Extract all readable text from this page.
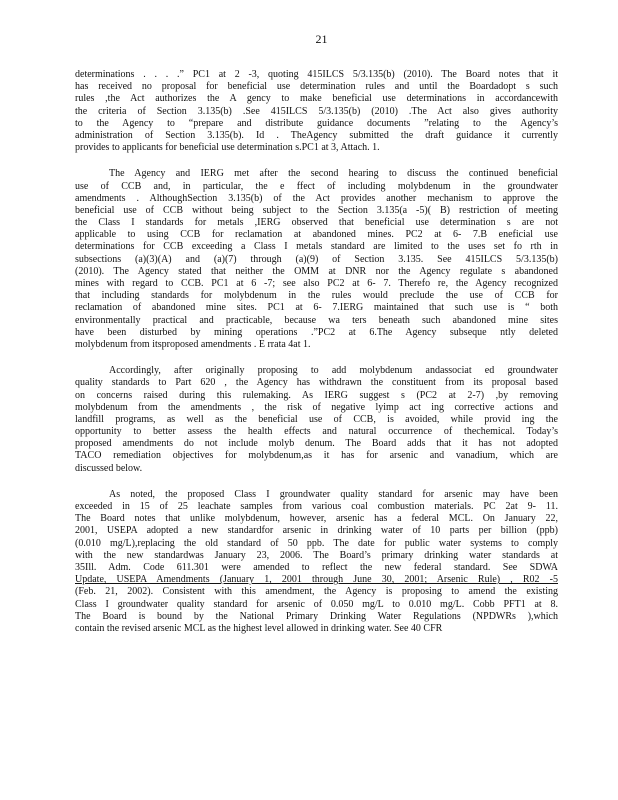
21
determinations . . . .” PC1 at 2 -3, quoting 415ILCS 5/3.135(b) (2010). The Board notes that it
has received no proposal for beneficial use determination rules and until the Boardadopt s such
rules ,the Act authorizes the A gency to make beneficial use determinations in accordancewith
the criteria of Section 3.135(b) .See 415ILCS 5/3.135(b) (2010) .The Act also gives authority
to the Agency to “prepare and distribute guidance documents ”relating to the Agency’s
administration of Section 3.135(b). Id . TheAgency submitted the draft guidance it currently
provides to applicants for beneficial use determination s.PC1 at 3, Attach. 1.
The Agency and IERG met after the second hearing to discuss the continued beneficial
use of CCB and, in particular, the e ffect of including molybdenum in the groundwater
amendments . AlthoughSection 3.135(b) of the Act provides another mechanism to approve the
beneficial use of CCB without being subject to the Section 3.135(a -5)( B) restriction of meeting
the Class I standards for metals ,IERG observed that beneficial use determination s are not
applicable to using CCB for reclamation at abandoned mines. PC2 at 6- 7.B eneficial use
determinations for CCB exceeding a Class I metals standard are limited to the uses set fo rth in
subsections (a)(3)(A) and (a)(7) through (a)(9) of Section 3.135. See 415ILCS 5/3.135(b)
(2010). The Agency stated that neither the OMM at DNR nor the Agency regulate s abandoned
mines with regard to CCB. PC1 at 6 -7; see also PC2 at 6- 7. Therefo re, the Agency recognized
that including standards for molybdenum in the rules would preclude the use of CCB for
reclamation of abandoned mine sites. PC1 at 6- 7.IERG maintained that such use is “ both
environmentally practical and practicable, because wa ters beneath such abandoned mine sites
have been disturbed by mining operations .”PC2 at 6.The Agency subseque ntly deleted
molybdenum from itsproposed amendments . E rrata 4at 1.
Accordingly, after originally proposing to add molybdenum andassociat ed groundwater
quality standards to Part 620 , the Agency has withdrawn the constituent from its proposal based
on concerns raised during this rulemaking. As IERG suggest s (PC2 at 2-7) ,by removing
molybdenum from the amendments , the risk of negative lyimp act ing corrective actions and
landfill programs, as well as the beneficial use of CCB, is avoided, while provid ing the
opportunity to better assess the health effects and natural occurrence of thechemical. Today’s
proposed amendments do not include molyb denum. The Board adds that it has not adopted
TACO remediation objectives for molybdenum,as it has for arsenic and vanadium, which are
discussed below.
As noted, the proposed Class I groundwater quality standard for arsenic may have been
exceeded in 15 of 25 leachate samples from various coal combustion materials. PC 2at 9- 11.
The Board notes that unlike molybdenum, however, arsenic has a federal MCL. On January 22,
2001, USEPA adopted a new standardfor arsenic in drinking water of 10 parts per billion (ppb)
(0.010 mg/L),replacing the old standard of 50 ppb. The date for public water systems to comply
with the new standardwas January 23, 2006. The Board’s primary drinking water standards at
35Ill. Adm. Code 611.301 were amended to reflect the new federal standard. See SDWA
Update, USEPA Amendments (January 1, 2001 through June 30, 2001; Arsenic Rule) , R02 -5
(Feb. 21, 2002). Consistent with this amendment, the Agency is proposing to amend the existing
Class I groundwater quality standard for arsenic of 0.050 mg/L to 0.010 mg/L. Cobb PFT1 at 8.
The Board is bound by the National Primary Drinking Water Regulations (NPDWRs ),which
contain the revised arsenic MCL as the highest level allowed in drinking water. See 40 CFR
